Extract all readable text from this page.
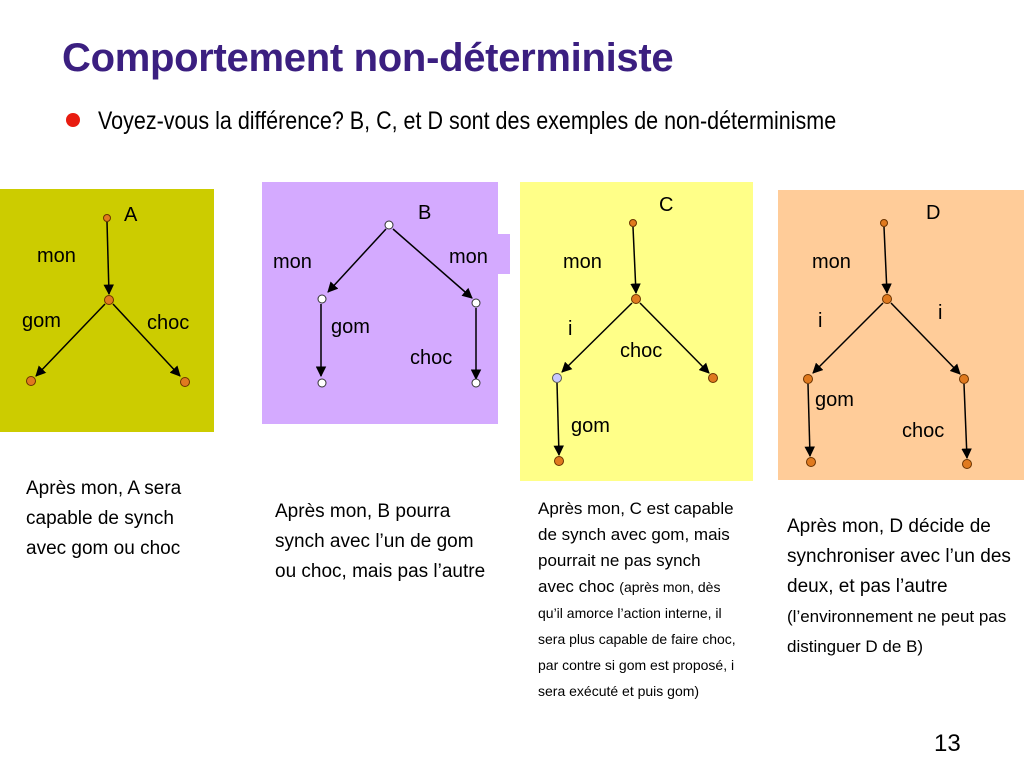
Comportement non-déterministe
Voyez-vous la différence? B, C, et D sont des exemples de non-déterminisme
A
mon
gom	choc
B
mon	mon
gom
choc
C
mon
i
choc
gom
D
mon
i	i
gom
choc

Après mon, A sera capable de synch avec gom ou choc

Après mon, B pourra synch avec l’un de gom ou choc, mais pas l’autre

Après mon, C est capable de synch avec gom, mais pourrait ne pas synch avec choc (après mon, dès qu’il amorce l’action interne, il sera plus capable de faire choc, par contre si gom est proposé, i sera exécuté et puis gom)
Après mon, D décide de synchroniser avec l’un des deux, et pas l’autre (l’environnement ne peut pas distinguer D de B)
13
